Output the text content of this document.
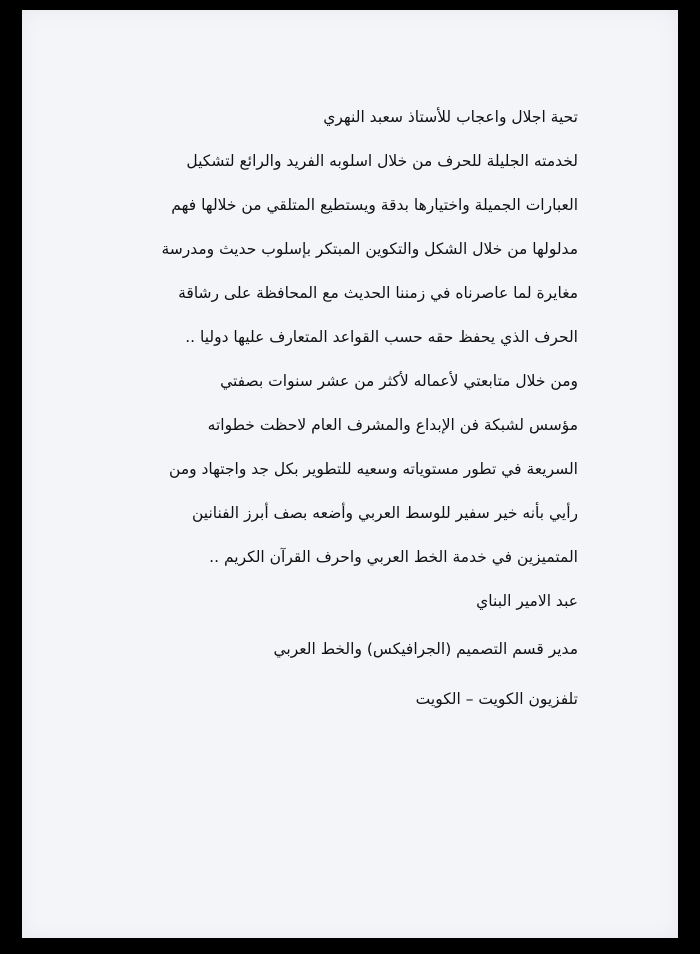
تحية اجلال واعجاب للأستاذ سعبد النهري
لخدمته الجليلة للحرف من خلال اسلوبه الفريد والرائع لتشكيل
العبارات الجميلة واختيارها بدقة ويستطيع المتلقي من خلالها فهم
مدلولها من خلال الشكل والتكوين المبتكر بإسلوب حديث ومدرسة
مغايرة لما عاصرناه في زمننا الحديث مع المحافظة على رشاقة
الحرف الذي يحفظ حقه حسب القواعد المتعارف عليها دوليا ..
ومن خلال متابعتي لأعماله لأكثر من عشر سنوات بصفتي
مؤسس لشبكة فن الإبداع والمشرف العام لاحظت خطواته
السريعة في تطور مستوياته وسعيه للتطوير بكل جد واجتهاد ومن
رأيي بأنه خير سفير للوسط العربي وأضعه بصف أبرز الفنانين
المتميزين في خدمة الخط العربي واحرف القرآن الكريم ..
عبد الامير البناي
مدير قسم التصميم (الجرافيكس) والخط العربي
تلفزيون الكويت – الكويت
